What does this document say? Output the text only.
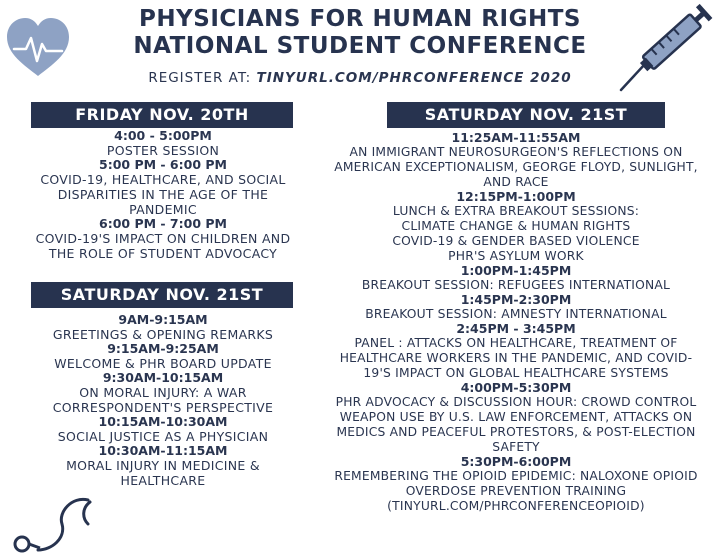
PHYSICIANS FOR HUMAN RIGHTS
NATIONAL STUDENT CONFERENCE
REGISTER AT: TINYURL.COM/PHRCONFERENCE 2020
FRIDAY NOV. 20TH
SATURDAY NOV. 21ST
SATURDAY NOV. 21ST
4:00 - 5:00PM
POSTER SESSION
5:00 PM - 6:00 PM
COVID-19, HEALTHCARE, AND SOCIAL
DISPARITIES IN THE AGE OF THE
PANDEMIC
6:00 PM - 7:00 PM
COVID-19'S IMPACT ON CHILDREN AND
THE ROLE OF STUDENT ADVOCACY
9AM-9:15AM
GREETINGS & OPENING REMARKS
9:15AM-9:25AM
WELCOME & PHR BOARD UPDATE
9:30AM-10:15AM
ON MORAL INJURY: A WAR
CORRESPONDENT'S PERSPECTIVE
10:15AM-10:30AM
SOCIAL JUSTICE AS A PHYSICIAN
10:30AM-11:15AM
MORAL INJURY IN MEDICINE &
HEALTHCARE
11:25AM-11:55AM
AN IMMIGRANT NEUROSURGEON'S REFLECTIONS ON
AMERICAN EXCEPTIONALISM, GEORGE FLOYD, SUNLIGHT,
AND RACE
12:15PM-1:00PM
LUNCH & EXTRA BREAKOUT SESSIONS:
CLIMATE CHANGE & HUMAN RIGHTS
COVID-19 & GENDER BASED VIOLENCE
PHR'S ASYLUM WORK
1:00PM-1:45PM
BREAKOUT SESSION: REFUGEES INTERNATIONAL
1:45PM-2:30PM
BREAKOUT SESSION: AMNESTY INTERNATIONAL
2:45PM - 3:45PM
PANEL : ATTACKS ON HEALTHCARE, TREATMENT OF
HEALTHCARE WORKERS IN THE PANDEMIC, AND COVID-
19'S IMPACT ON GLOBAL HEALTHCARE SYSTEMS
4:00PM-5:30PM
PHR ADVOCACY & DISCUSSION HOUR: CROWD CONTROL
WEAPON USE BY U.S. LAW ENFORCEMENT, ATTACKS ON
MEDICS AND PEACEFUL PROTESTORS, & POST-ELECTION
SAFETY
5:30PM-6:00PM
REMEMBERING THE OPIOID EPIDEMIC: NALOXONE OPIOID
OVERDOSE PREVENTION TRAINING
(TINYURL.COM/PHRCONFERENCEOPIOID)
